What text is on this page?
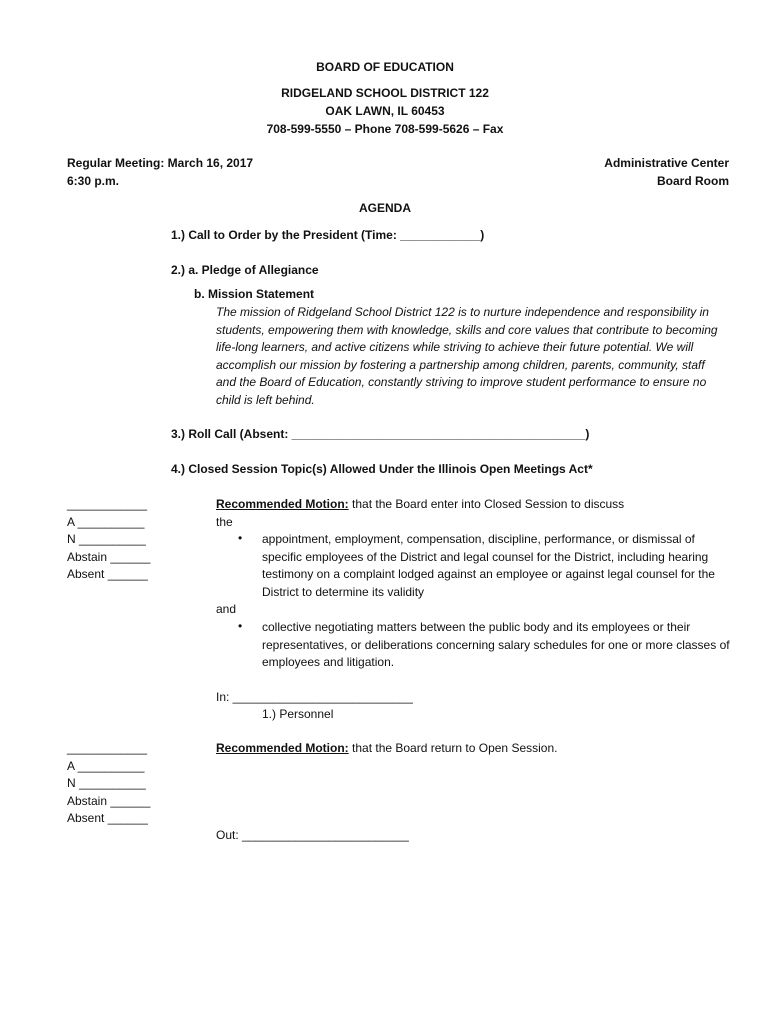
BOARD OF EDUCATION
RIDGELAND SCHOOL DISTRICT 122
OAK LAWN, IL 60453
708-599-5550 – Phone 708-599-5626 – Fax
Regular Meeting: March 16, 2017
6:30 p.m.
Administrative Center
Board Room
AGENDA
1.) Call to Order by the President (Time: ____________)
2.) a. Pledge of Allegiance
b. Mission Statement
The mission of Ridgeland School District 122 is to nurture independence and responsibility in students, empowering them with knowledge, skills and core values that contribute to becoming life-long learners, and active citizens while striving to achieve their future potential. We will accomplish our mission by fostering a partnership among children, parents, community, staff and the Board of Education, constantly striving to improve student performance to ensure no child is left behind.
3.) Roll Call (Absent: ____________________________________________)
4.) Closed Session Topic(s) Allowed Under the Illinois Open Meetings Act*
____________
A __________
N __________
Abstain ______
Absent ______
Recommended Motion: that the Board enter into Closed Session to discuss
the
•	appointment, employment, compensation, discipline, performance, or dismissal of specific employees of the District and legal counsel for the District, including hearing testimony on a complaint lodged against an employee or against legal counsel for the District to determine its validity
and
•	collective negotiating matters between the public body and its employees or their representatives, or deliberations concerning salary schedules for one or more classes of employees and litigation.
In: ___________________________
1.) Personnel
____________
A __________
N __________
Abstain ______
Absent ______
Recommended Motion: that the Board return to Open Session.
Out: _________________________
